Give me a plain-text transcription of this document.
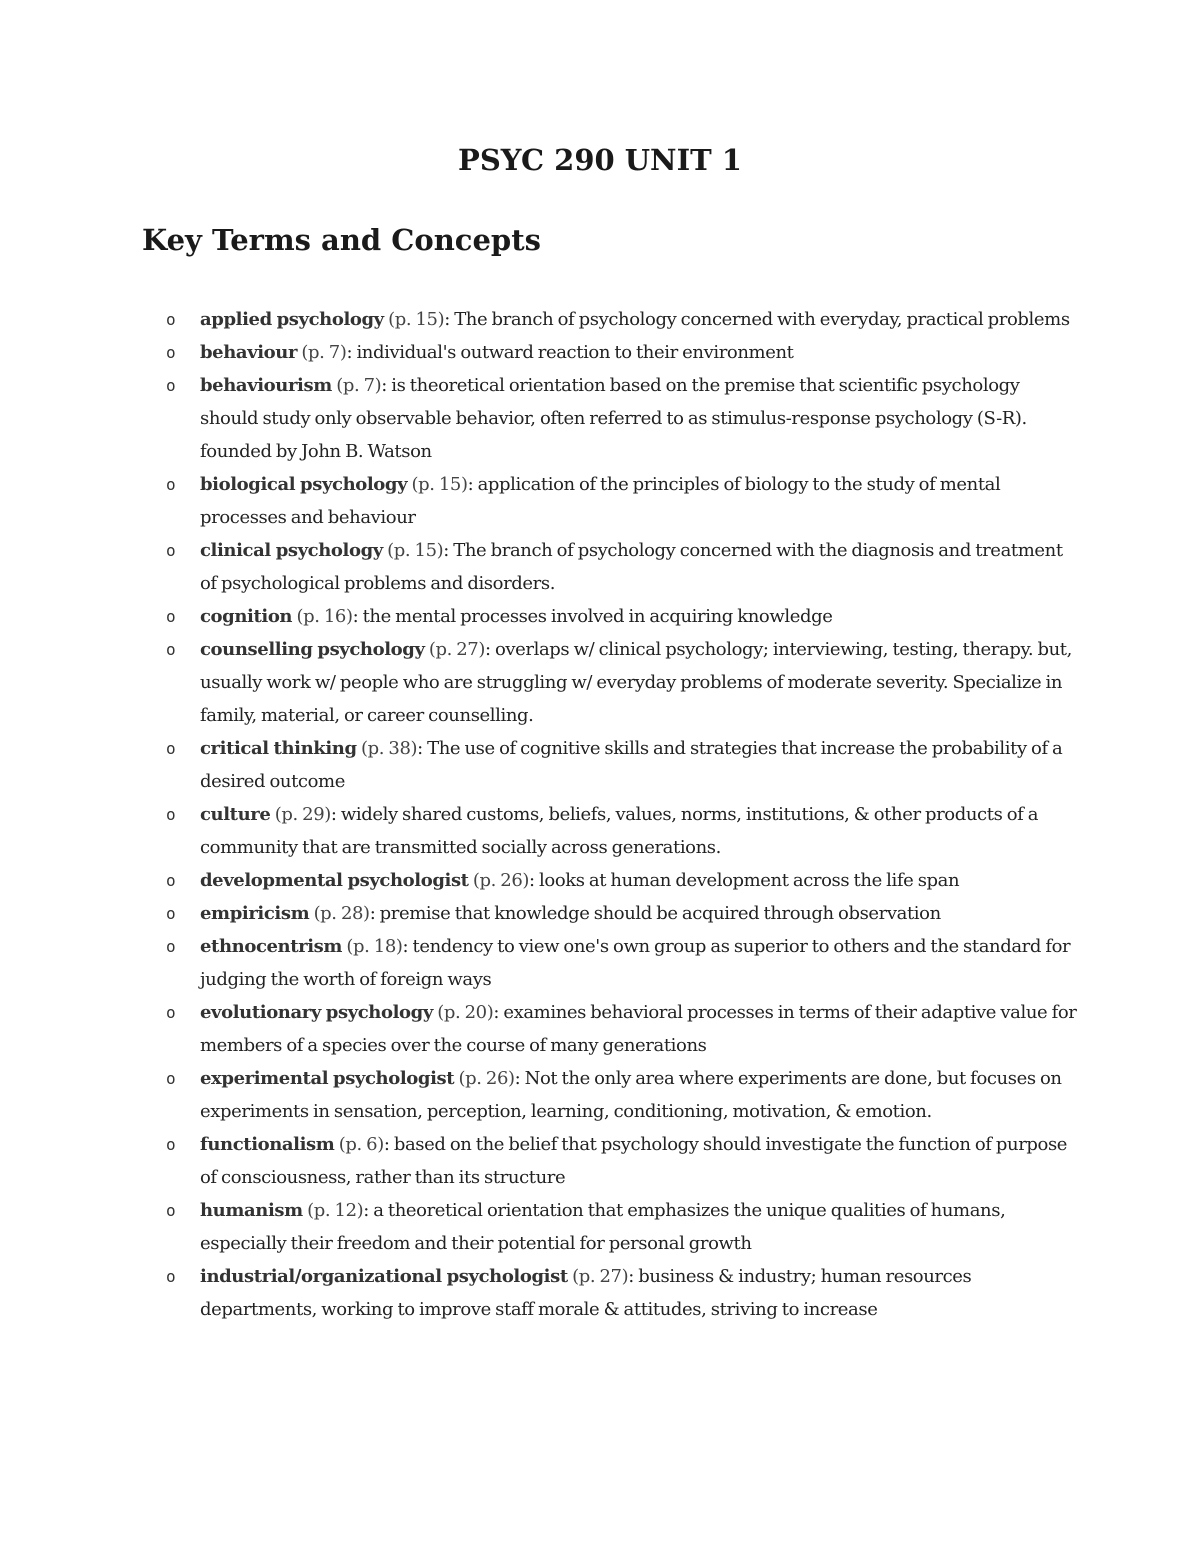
PSYC 290 UNIT 1
Key Terms and Concepts
o applied psychology (p. 15): The branch of psychology concerned with everyday, practical problems
o behaviour (p. 7): individual's outward reaction to their environment
o behaviourism (p. 7): is theoretical orientation based on the premise that scientific psychology should study only observable behavior, often referred to as stimulus-response psychology (S-R). founded by John B. Watson
o biological psychology (p. 15): application of the principles of biology to the study of mental processes and behaviour
o clinical psychology (p. 15): The branch of psychology concerned with the diagnosis and treatment of psychological problems and disorders.
o cognition (p. 16): the mental processes involved in acquiring knowledge
o counselling psychology (p. 27): overlaps w/ clinical psychology; interviewing, testing, therapy. but, usually work w/ people who are struggling w/ everyday problems of moderate severity. Specialize in family, material, or career counselling.
o critical thinking (p. 38): The use of cognitive skills and strategies that increase the probability of a desired outcome
o culture (p. 29): widely shared customs, beliefs, values, norms, institutions, & other products of a community that are transmitted socially across generations.
o developmental psychologist (p. 26): looks at human development across the life span
o empiricism (p. 28): premise that knowledge should be acquired through observation
o ethnocentrism (p. 18): tendency to view one's own group as superior to others and the standard for judging the worth of foreign ways
o evolutionary psychology (p. 20): examines behavioral processes in terms of their adaptive value for members of a species over the course of many generations
o experimental psychologist (p. 26): Not the only area where experiments are done, but focuses on experiments in sensation, perception, learning, conditioning, motivation, & emotion.
o functionalism (p. 6): based on the belief that psychology should investigate the function of purpose of consciousness, rather than its structure
o humanism (p. 12): a theoretical orientation that emphasizes the unique qualities of humans, especially their freedom and their potential for personal growth
o industrial/organizational psychologist (p. 27): business & industry; human resources departments, working to improve staff morale & attitudes, striving to increase
